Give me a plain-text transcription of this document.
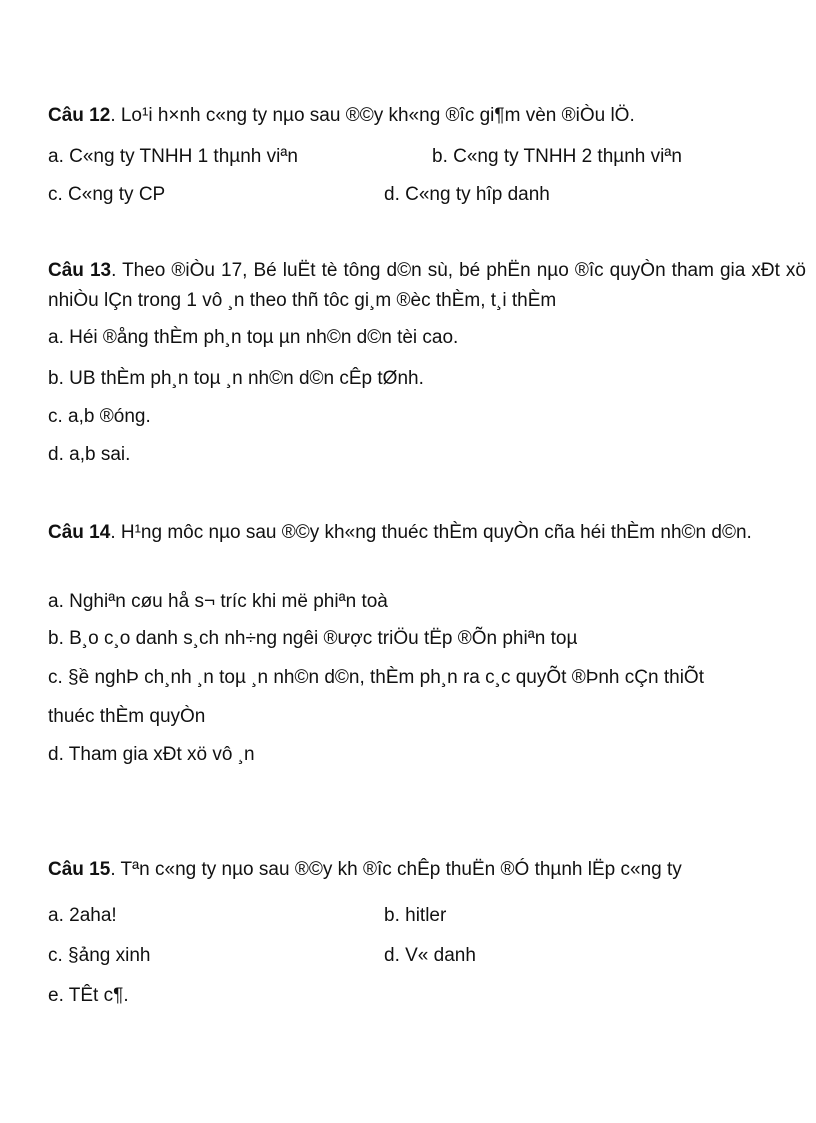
Câu 12. Lo¹i h×nh c«ng ty nµo sau ®©y kh«ng ®îc gi¶m vèn ®iÒu lÖ.
a. C«ng ty TNHH 1 thµnh viªn	b. C«ng ty TNHH 2 thµnh viªn
c. C«ng ty CP	d. C«ng ty hîp danh
Câu 13. Theo ®iÒu 17, Bé luËt tè tông d©n sù, bé phËn nµo ®îc quyÒn tham gia xÐt xö nhiÒu lÇn trong 1 vô ¸n theo thñ tôc gi¸m ®èc thÈm, t¸i thÈm
a. Héi ®ång thÈm ph¸n toµ µn nh©n d©n tèi cao.
b. UB thÈm ph¸n toµ ¸n nh©n d©n cÊp tØnh.
c. a,b ®óng.
d. a,b sai.
Câu 14. H¹ng môc nµo sau ®©y kh«ng thuéc thÈm quyÒn cña héi thÈm nh©n d©n.
a. Nghiªn cøu hå s¬ tríc khi më phiªn toà
b. B¸o c¸o danh s¸ch nh÷ng ngêi ®ược triÖu tËp ®Õn phiªn toµ
c. §ề nghÞ ch¸nh ¸n toµ ¸n nh©n d©n, thÈm ph¸n ra c¸c quyÕt ®Þnh cÇn thiÕt
thuéc thÈm quyÒn
d. Tham gia xÐt xö vô ¸n
Câu 15. Tªn c«ng ty nµo sau ®©y kh ®îc chÊp thuËn ®Ó thµnh lËp c«ng ty
a. 2aha!	b. hitler
c. §ảng xinh	d. V« danh
e. TÊt c¶.
